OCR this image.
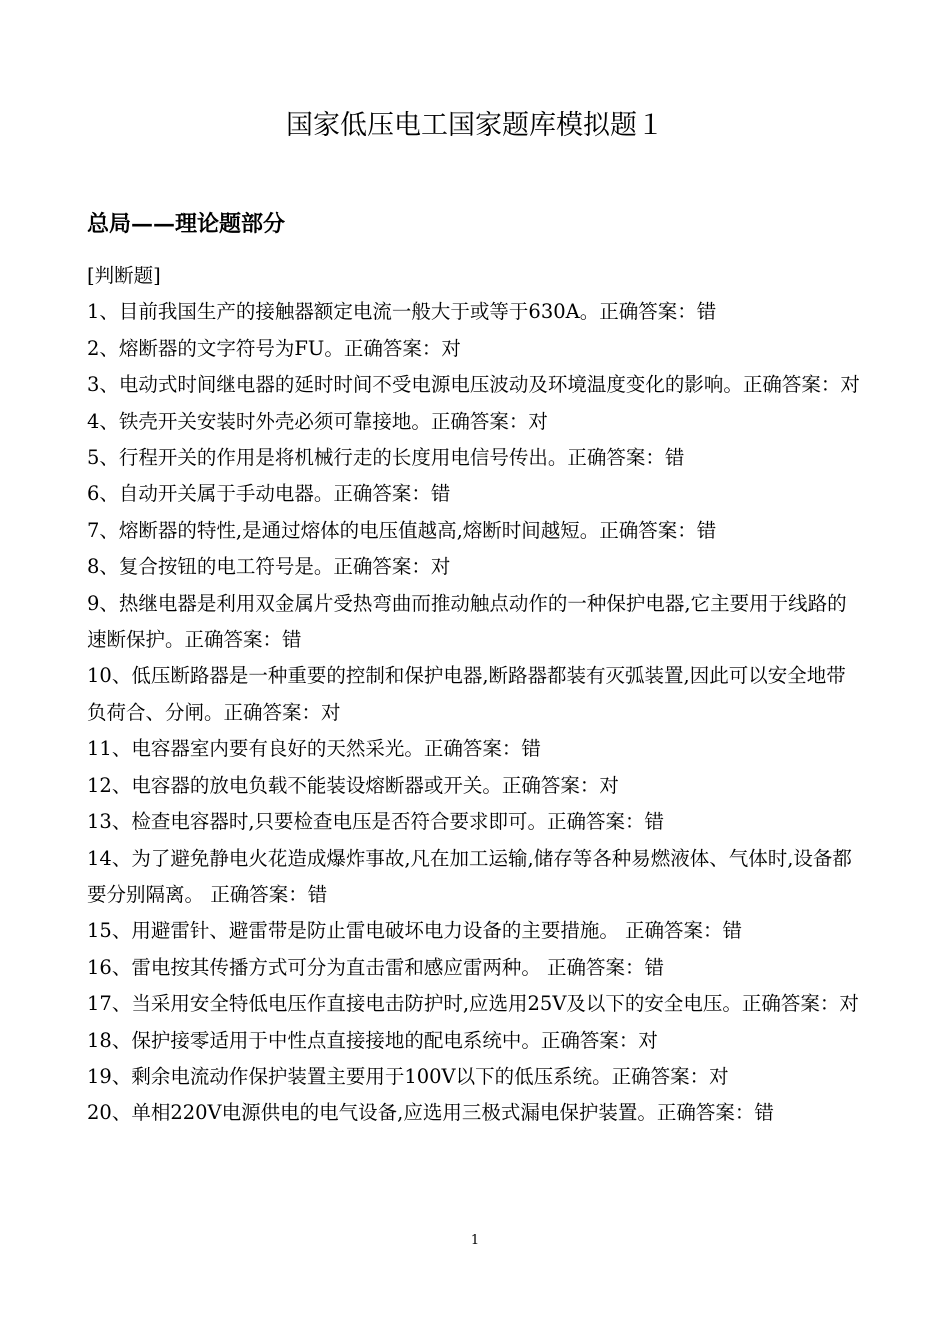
国家低压电工国家题库模拟题１
总局——理论题部分

[判断题]

1、目前我国生产的接触器额定电流一般大于或等于630A。正确答案：错
2、熔断器的文字符号为FU。正确答案：对
3、电动式时间继电器的延时时间不受电源电压波动及环境温度变化的影响。正确答案：对
4、铁壳开关安装时外壳必须可靠接地。正确答案：对
5、行程开关的作用是将机械行走的长度用电信号传出。正确答案：错
6、自动开关属于手动电器。正确答案：错
7、熔断器的特性,是通过熔体的电压值越高,熔断时间越短。正确答案：错
8、复合按钮的电工符号是。正确答案：对
9、热继电器是利用双金属片受热弯曲而推动触点动作的一种保护电器,它主要用于线路的速断保护。正确答案：错
10、低压断路器是一种重要的控制和保护电器,断路器都装有灭弧装置,因此可以安全地带负荷合、分闸。正确答案：对
11、电容器室内要有良好的天然采光。正确答案：错
12、电容器的放电负载不能装设熔断器或开关。正确答案：对
13、检查电容器时,只要检查电压是否符合要求即可。正确答案：错
14、为了避免静电火花造成爆炸事故,凡在加工运输,储存等各种易燃液体、气体时,设备都要分别隔离。 正确答案：错
15、用避雷针、避雷带是防止雷电破坏电力设备的主要措施。 正确答案：错
16、雷电按其传播方式可分为直击雷和感应雷两种。 正确答案：错
17、当采用安全特低电压作直接电击防护时,应选用25V及以下的安全电压。正确答案：对
18、保护接零适用于中性点直接接地的配电系统中。正确答案：对
19、剩余电流动作保护装置主要用于100V以下的低压系统。正确答案：对
20、单相220V电源供电的电气设备,应选用三极式漏电保护装置。正确答案：错
1
